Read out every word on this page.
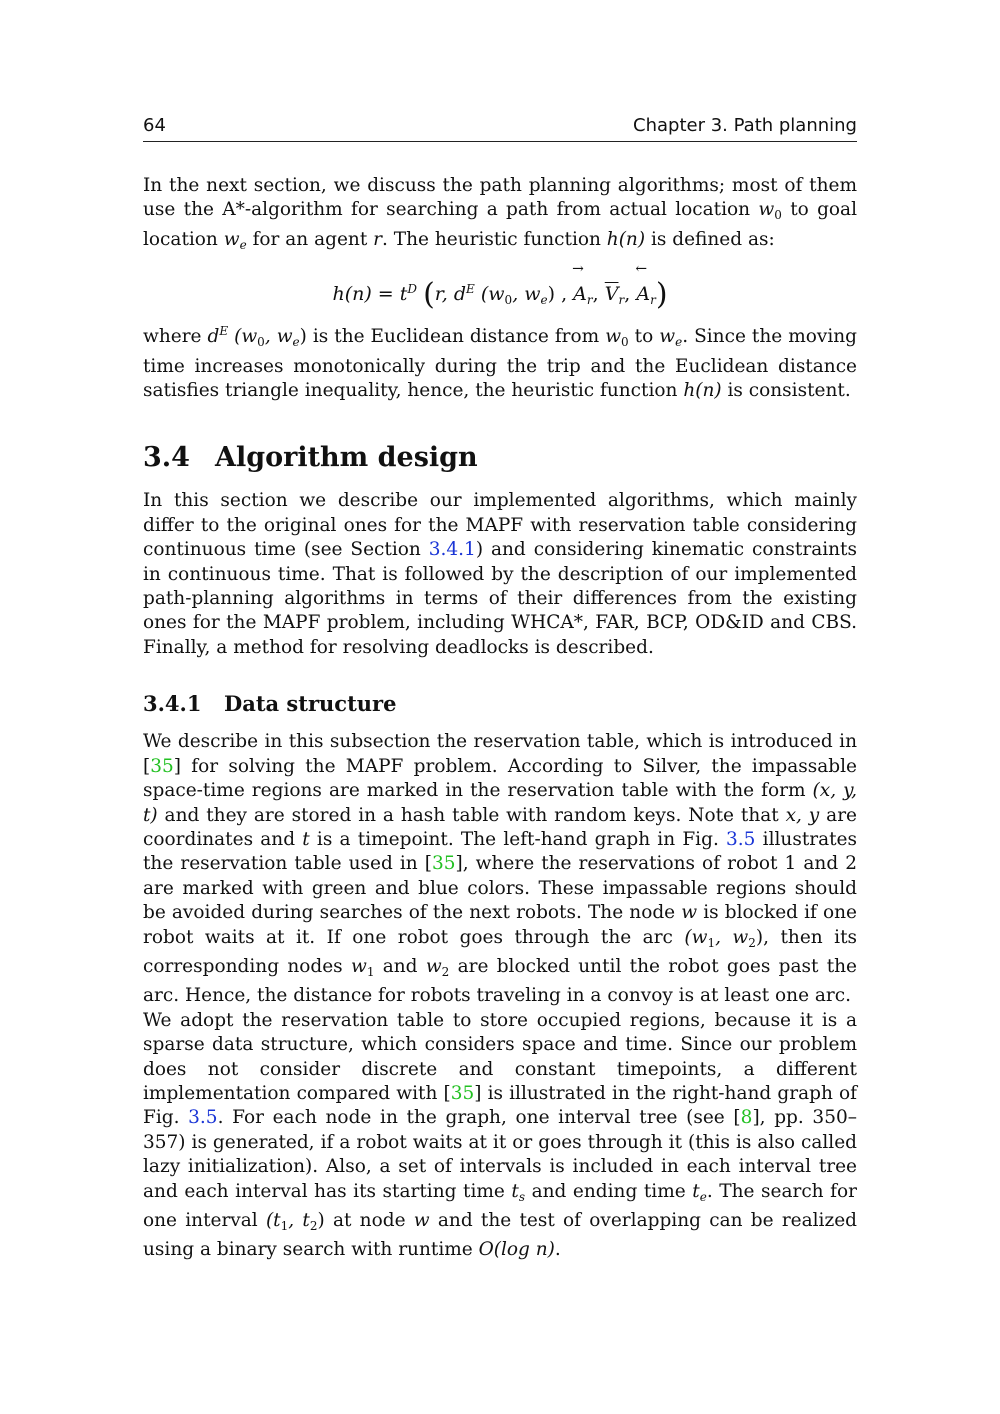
64	Chapter 3. Path planning

In the next section, we discuss the path planning algorithms; most of them use the A*-algorithm for searching a path from actual location $w_0$ to goal location $w_e$ for an agent r. The heuristic function h(n) is defined as:

$h(n) = t^D$ (r, $d^E$ ($w_0$, $w_e$) ,
→
$A_r$, $\overline{V}_r$,
←
$A_r$)

where $d^E$ ($w_0$, $w_e$) is the Euclidean distance from $w_0$ to $w_e$. Since the moving time increases monotonically during the trip and the Euclidean distance satisfies triangle inequality, hence, the heuristic function h(n) is consistent.

3.4 Algorithm design

In this section we describe our implemented algorithms, which mainly differ to the original ones for the MAPF with reservation table considering continuous time (see Section 3.4.1) and considering kinematic constraints in continuous time. That is followed by the description of our implemented path-planning algorithms in terms of their differences from the existing ones for the MAPF problem, including WHCA*, FAR, BCP, OD&ID and CBS. Finally, a method for resolving deadlocks is described.

3.4.1 Data structure

We describe in this subsection the reservation table, which is introduced in [35] for solving the MAPF problem. According to Silver, the impassable space-time regions are marked in the reservation table with the form (x, y, t) and they are stored in a hash table with random keys. Note that x, y are coordinates and t is a timepoint. The left-hand graph in Fig. 3.5 illustrates the reservation table used in [35], where the reservations of robot 1 and 2 are marked with green and blue colors. These impassable regions should be avoided during searches of the next robots. The node w is blocked if one robot waits at it. If one robot goes through the arc ($w_1$, $w_2$), then its corresponding nodes $w_1$ and $w_2$ are blocked until the robot goes past the arc. Hence, the distance for robots traveling in a convoy is at least one arc.

We adopt the reservation table to store occupied regions, because it is a sparse data structure, which considers space and time. Since our problem does not consider discrete and constant timepoints, a different implementation compared with [35] is illustrated in the right-hand graph of Fig. 3.5. For each node in the graph, one interval tree (see [8], pp. 350–357) is generated, if a robot waits at it or goes through it (this is also called lazy initialization). Also, a set of intervals is included in each interval tree and each interval has its starting time $t_s$ and ending time $t_e$. The search for one interval ($t_1$, $t_2$) at node w and the test of overlapping can be realized using a binary search with runtime O(log n).
